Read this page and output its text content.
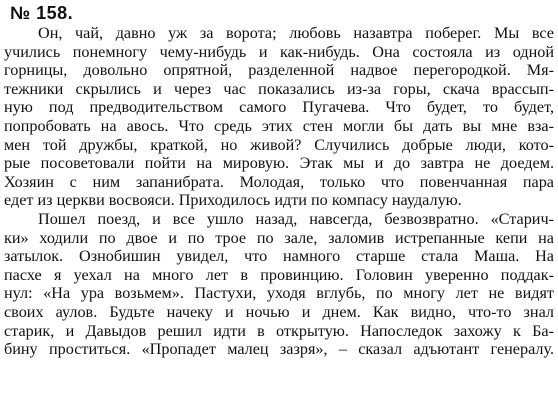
№ 158.

Он, чай, давно уж за ворота; любовь назавтра поберег. Мы все
учились понемногу чему-нибудь и как-нибудь. Она состояла из одной
горницы, довольно опрятной, разделенной надвое перегородкой. Мя-
тежники скрылись и через час показались из-за горы, скача врассып-
ную под предводительством самого Пугачева. Что будет, то будет,
попробовать на авось. Что средь этих стен могли бы дать вы мне взa-
мен той дружбы, краткой, но живой? Случились добрые люди, кото-
рые посоветовали пойти на мировую. Этак мы и до завтра не доедем.
Хозяин с ним запанибрата. Молодая, только что повенчанная пара
едет из церкви восвояси. Приходилось идти по компасу наудалую.

Пошел поезд, и все ушло назад, навсегда, безвозвратно. «Старич-
ки» ходили по двое и по трое по зале, заломив истрепанные кепи на
затылок. Ознобишин увидел, что намного старше стала Маша. На
пасхе я уехал на много лет в провинцию. Головин уверенно поддак-
нул: «На ура возьмем». Пастухи, уходя вглубь, по многу лет не видят
своих аулов. Будьте начеку и ночью и днем. Как видно, что-то знал
старик, и Давыдов решил идти в открытую. Напоследок захожу к Ба-
бину проститься. «Пропадет малец зазря», – сказал адъютант генералу.
